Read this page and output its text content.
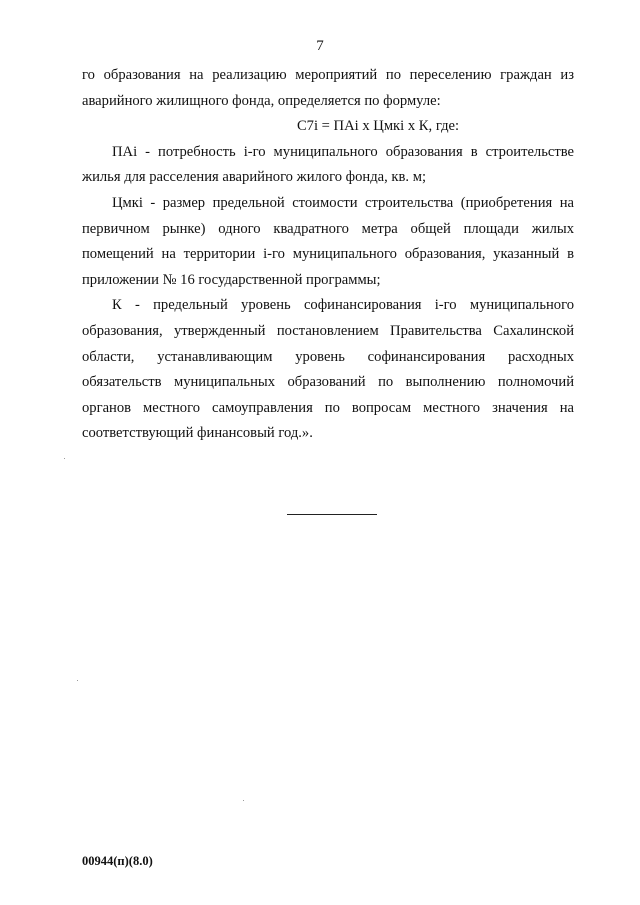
7

го образования на реализацию мероприятий по переселению граждан из аварийного жилищного фонда, определяется по формуле:

С7i = ПАi х Цмкi х К, где:

ПАi - потребность i-го муниципального образования в строительстве жилья для расселения аварийного жилого фонда, кв. м;

Цмкi - размер предельной стоимости строительства (приобретения на первичном рынке) одного квадратного метра общей площади жилых помещений на территории i-го муниципального образования, указанный в приложении № 16 государственной программы;

К - предельный уровень софинансирования i-го муниципального образования, утвержденный постановлением Правительства Сахалинской области, устанавливающим уровень софинансирования расходных обязательств муниципальных образований по выполнению полномочий органов местного самоуправления по вопросам местного значения на соответствующий финансовый год.».

00944(п)(8.0)
